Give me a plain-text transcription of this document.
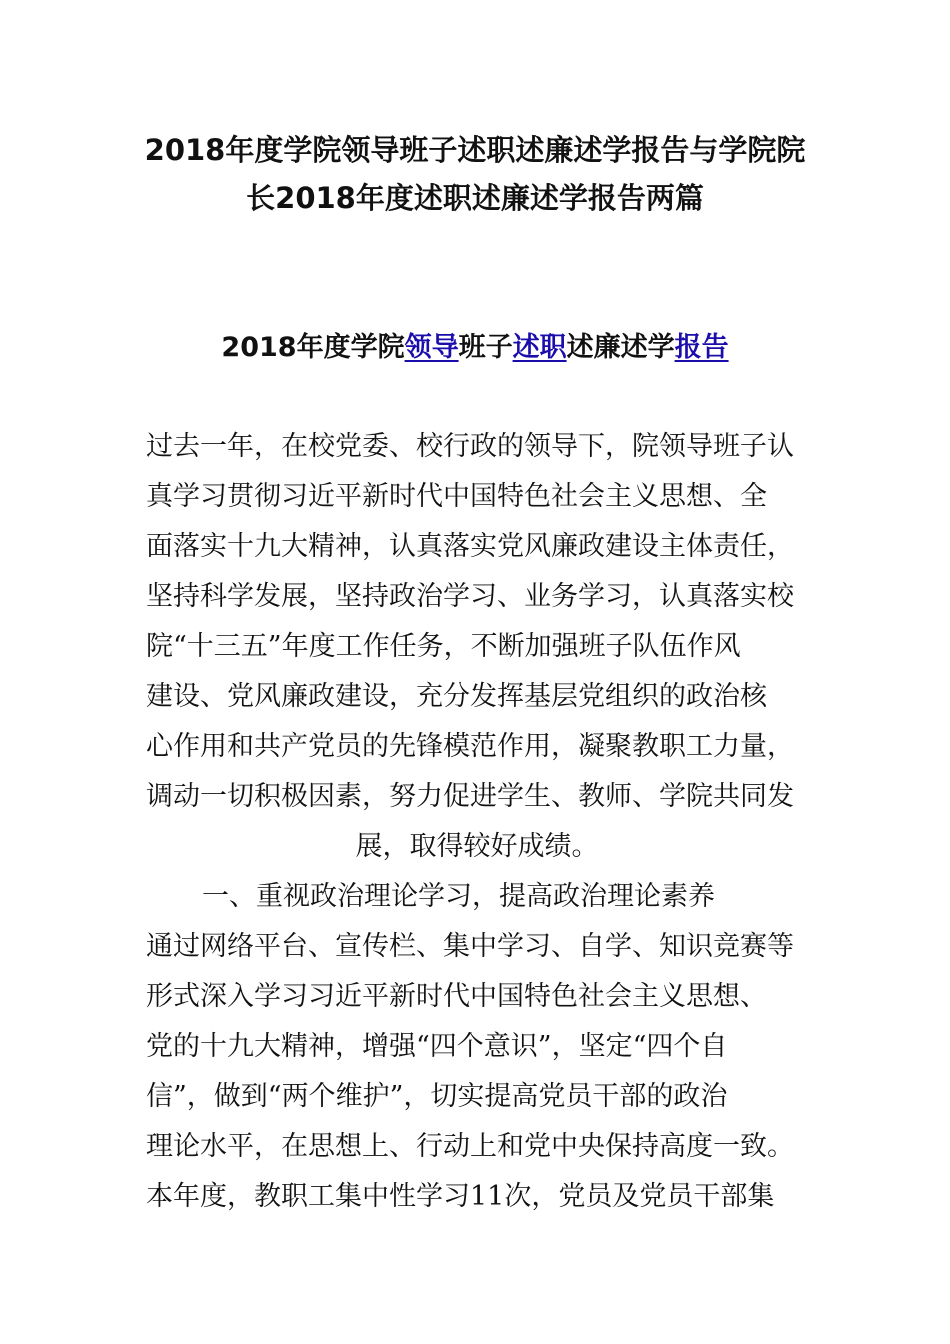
2018年度学院领导班子述职述廉述学报告与学院院
长2018年度述职述廉述学报告两篇
2018年度学院领导班子述职述廉述学报告
过去一年，在校党委、校行政的领导下，院领导班子认
真学习贯彻习近平新时代中国特色社会主义思想、全
面落实十九大精神，认真落实党风廉政建设主体责任，
坚持科学发展，坚持政治学习、业务学习，认真落实校
院“十三五”年度工作任务，不断加强班子队伍作风
建设、党风廉政建设，充分发挥基层党组织的政治核
心作用和共产党员的先锋模范作用，凝聚教职工力量，
调动一切积极因素，努力促进学生、教师、学院共同发
展，取得较好成绩。
一、重视政治理论学习，提高政治理论素养
通过网络平台、宣传栏、集中学习、自学、知识竞赛等
形式深入学习习近平新时代中国特色社会主义思想、
党的十九大精神，增强“四个意识”，坚定“四个自
信”，做到“两个维护”，切实提高党员干部的政治
理论水平，在思想上、行动上和党中央保持高度一致。
本年度，教职工集中性学习11次，党员及党员干部集
